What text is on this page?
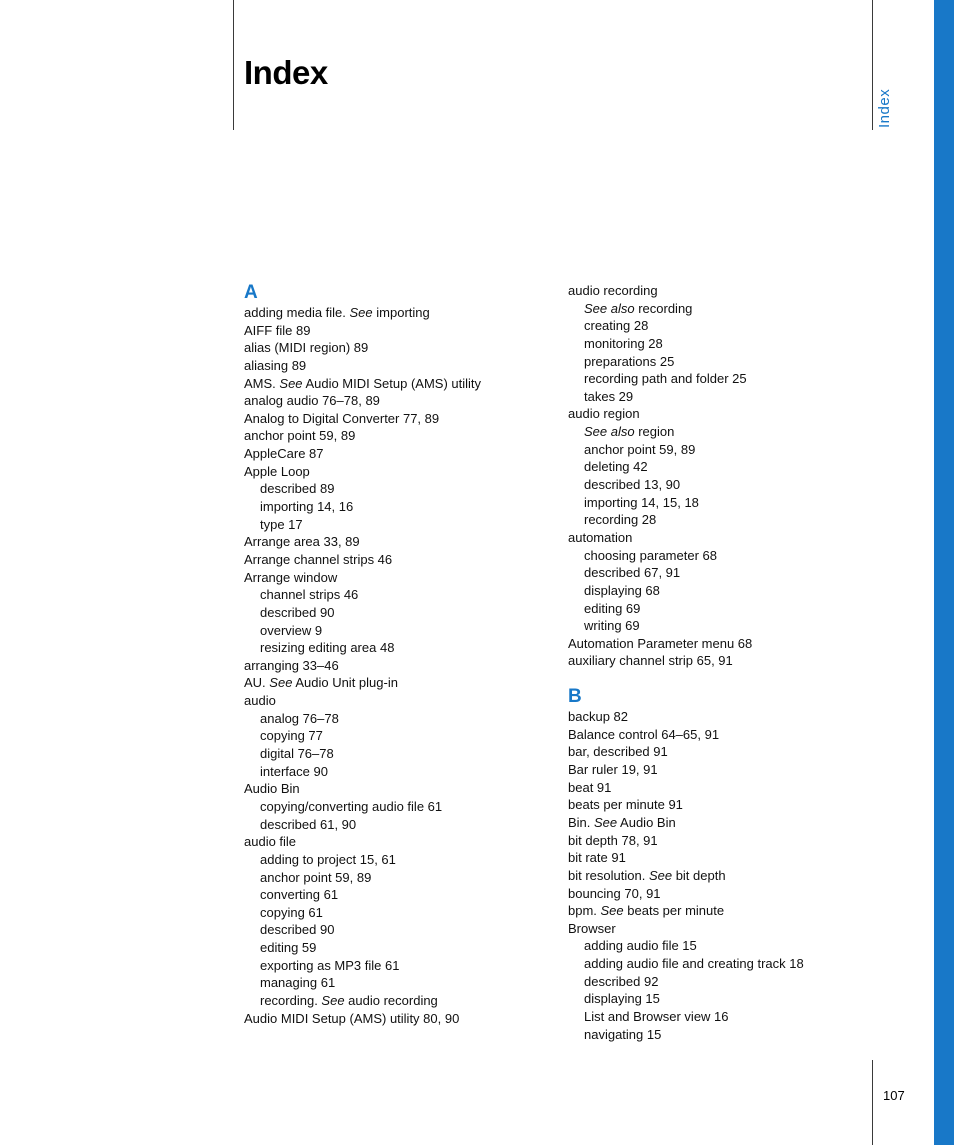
Index
Index
107
A
adding media file. See importing
AIFF file 89
alias (MIDI region) 89
aliasing 89
AMS. See Audio MIDI Setup (AMS) utility
analog audio 76–78, 89
Analog to Digital Converter 77, 89
anchor point 59, 89
AppleCare 87
Apple Loop
described 89
importing 14, 16
type 17
Arrange area 33, 89
Arrange channel strips 46
Arrange window
channel strips 46
described 90
overview 9
resizing editing area 48
arranging 33–46
AU. See Audio Unit plug-in
audio
analog 76–78
copying 77
digital 76–78
interface 90
Audio Bin
copying/converting audio file 61
described 61, 90
audio file
adding to project 15, 61
anchor point 59, 89
converting 61
copying 61
described 90
editing 59
exporting as MP3 file 61
managing 61
recording. See audio recording
Audio MIDI Setup (AMS) utility 80, 90
audio recording
See also recording
creating 28
monitoring 28
preparations 25
recording path and folder 25
takes 29
audio region
See also region
anchor point 59, 89
deleting 42
described 13, 90
importing 14, 15, 18
recording 28
automation
choosing parameter 68
described 67, 91
displaying 68
editing 69
writing 69
Automation Parameter menu 68
auxiliary channel strip 65, 91
B
backup 82
Balance control 64–65, 91
bar, described 91
Bar ruler 19, 91
beat 91
beats per minute 91
Bin. See Audio Bin
bit depth 78, 91
bit rate 91
bit resolution. See bit depth
bouncing 70, 91
bpm. See beats per minute
Browser
adding audio file 15
adding audio file and creating track 18
described 92
displaying 15
List and Browser view 16
navigating 15
